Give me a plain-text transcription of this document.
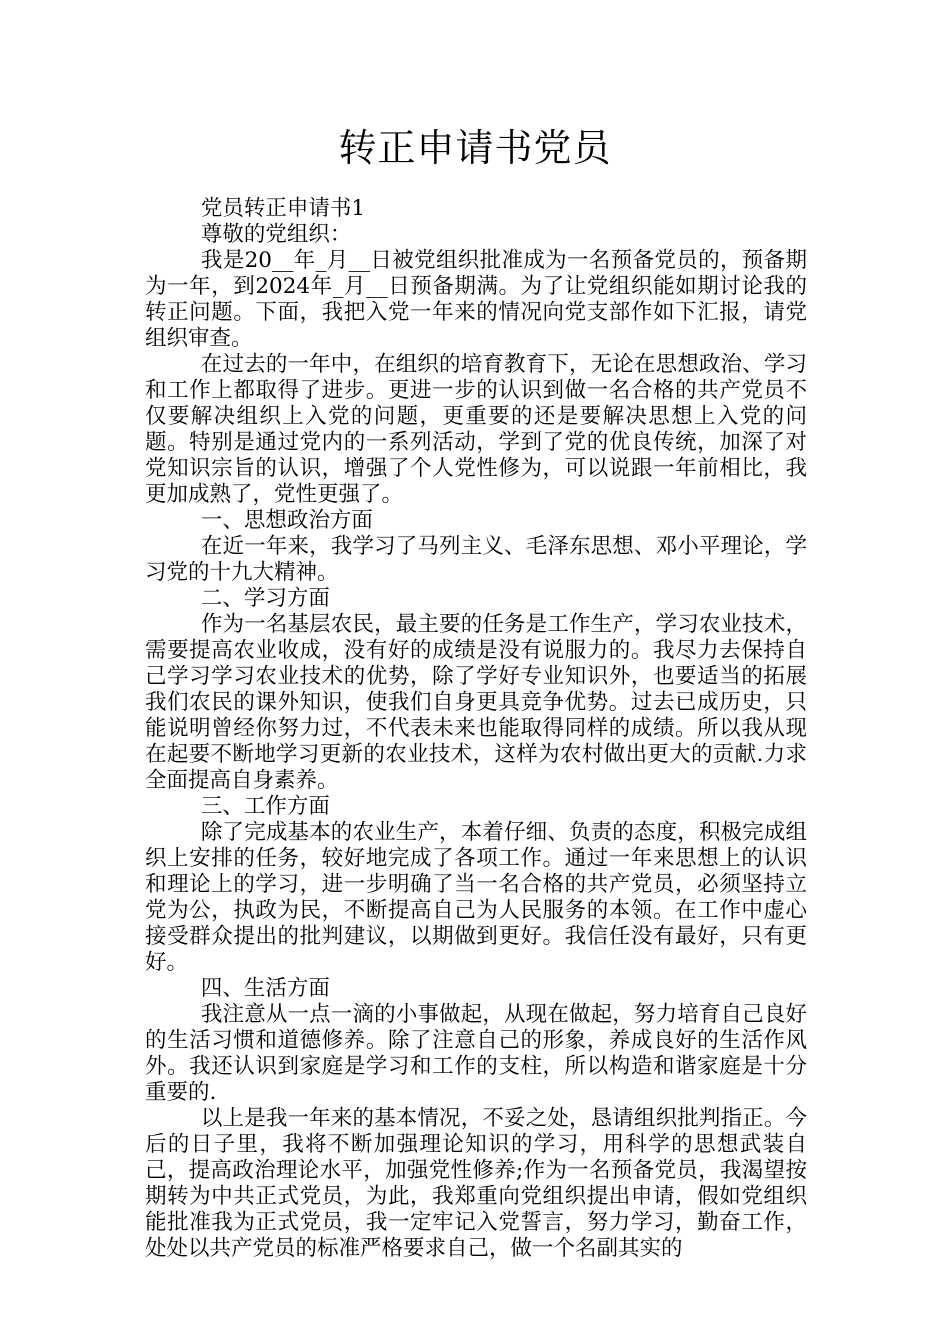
转正申请书党员

党员转正申请书1

尊敬的党组织：

我是20__年_月__日被党组织批准成为一名预备党员的，预备期为一年，到2024年_月__日预备期满。为了让党组织能如期讨论我的转正问题。下面，我把入党一年来的情况向党支部作如下汇报，请党组织审查。

在过去的一年中，在组织的培育教育下，无论在思想政治、学习和工作上都取得了进步。更进一步的认识到做一名合格的共产党员不仅要解决组织上入党的问题，更重要的还是要解决思想上入党的问题。特别是通过党内的一系列活动，学到了党的优良传统，加深了对党知识宗旨的认识，增强了个人党性修为，可以说跟一年前相比，我更加成熟了，党性更强了。

一、思想政治方面

在近一年来，我学习了马列主义、毛泽东思想、邓小平理论，学习党的十九大精神。

二、学习方面

作为一名基层农民，最主要的任务是工作生产，学习农业技术，需要提高农业收成，没有好的成绩是没有说服力的。我尽力去保持自己学习学习农业技术的优势，除了学好专业知识外，也要适当的拓展我们农民的课外知识，使我们自身更具竞争优势。过去已成历史，只能说明曾经你努力过，不代表未来也能取得同样的成绩。所以我从现在起要不断地学习更新的农业技术，这样为农村做出更大的贡献.力求全面提高自身素养。

三、工作方面

除了完成基本的农业生产，本着仔细、负责的态度，积极完成组织上安排的任务，较好地完成了各项工作。通过一年来思想上的认识和理论上的学习，进一步明确了当一名合格的共产党员，必须坚持立党为公，执政为民，不断提高自己为人民服务的本领。在工作中虚心接受群众提出的批判建议，以期做到更好。我信任没有最好，只有更好。

四、生活方面

我注意从一点一滴的小事做起，从现在做起，努力培育自己良好的生活习惯和道德修养。除了注意自己的形象，养成良好的生活作风外。我还认识到家庭是学习和工作的支柱，所以构造和谐家庭是十分重要的.

以上是我一年来的基本情况，不妥之处，恳请组织批判指正。今后的日子里，我将不断加强理论知识的学习，用科学的思想武装自己，提高政治理论水平，加强党性修养;作为一名预备党员，我渴望按期转为中共正式党员，为此，我郑重向党组织提出申请，假如党组织能批准我为正式党员，我一定牢记入党誓言，努力学习，勤奋工作，处处以共产党员的标准严格要求自己，做一个名副其实的
